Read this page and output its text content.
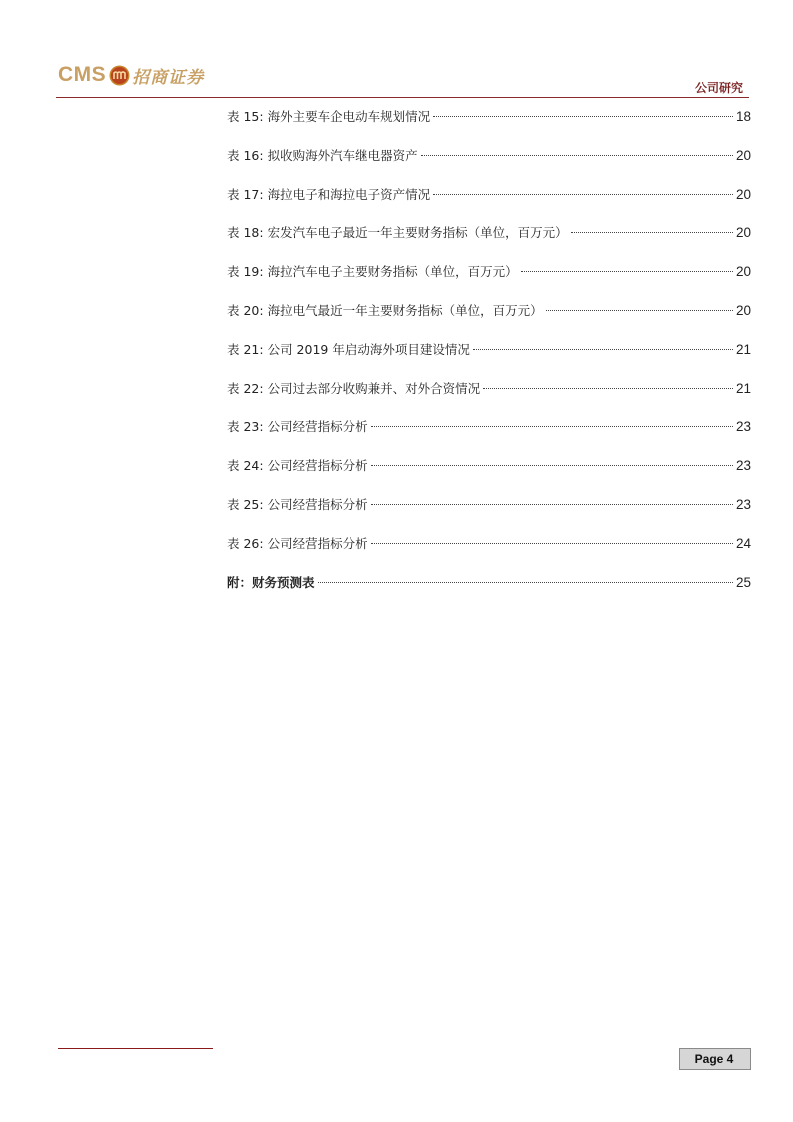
CMS 招商证券
公司研究
表 15: 海外主要车企电动车规划情况	18
表 16: 拟收购海外汽车继电器资产	20
表 17: 海拉电子和海拉电子资产情况	20
表 18: 宏发汽车电子最近一年主要财务指标（单位，百万元）	20
表 19: 海拉汽车电子主要财务指标（单位，百万元）	20
表 20: 海拉电气最近一年主要财务指标（单位，百万元）	20
表 21: 公司 2019 年启动海外项目建设情况	21
表 22: 公司过去部分收购兼并、对外合资情况	21
表 23: 公司经营指标分析	23
表 24: 公司经营指标分析	23
表 25: 公司经营指标分析	23
表 26: 公司经营指标分析	24
附：财务预测表	25
Page 4
